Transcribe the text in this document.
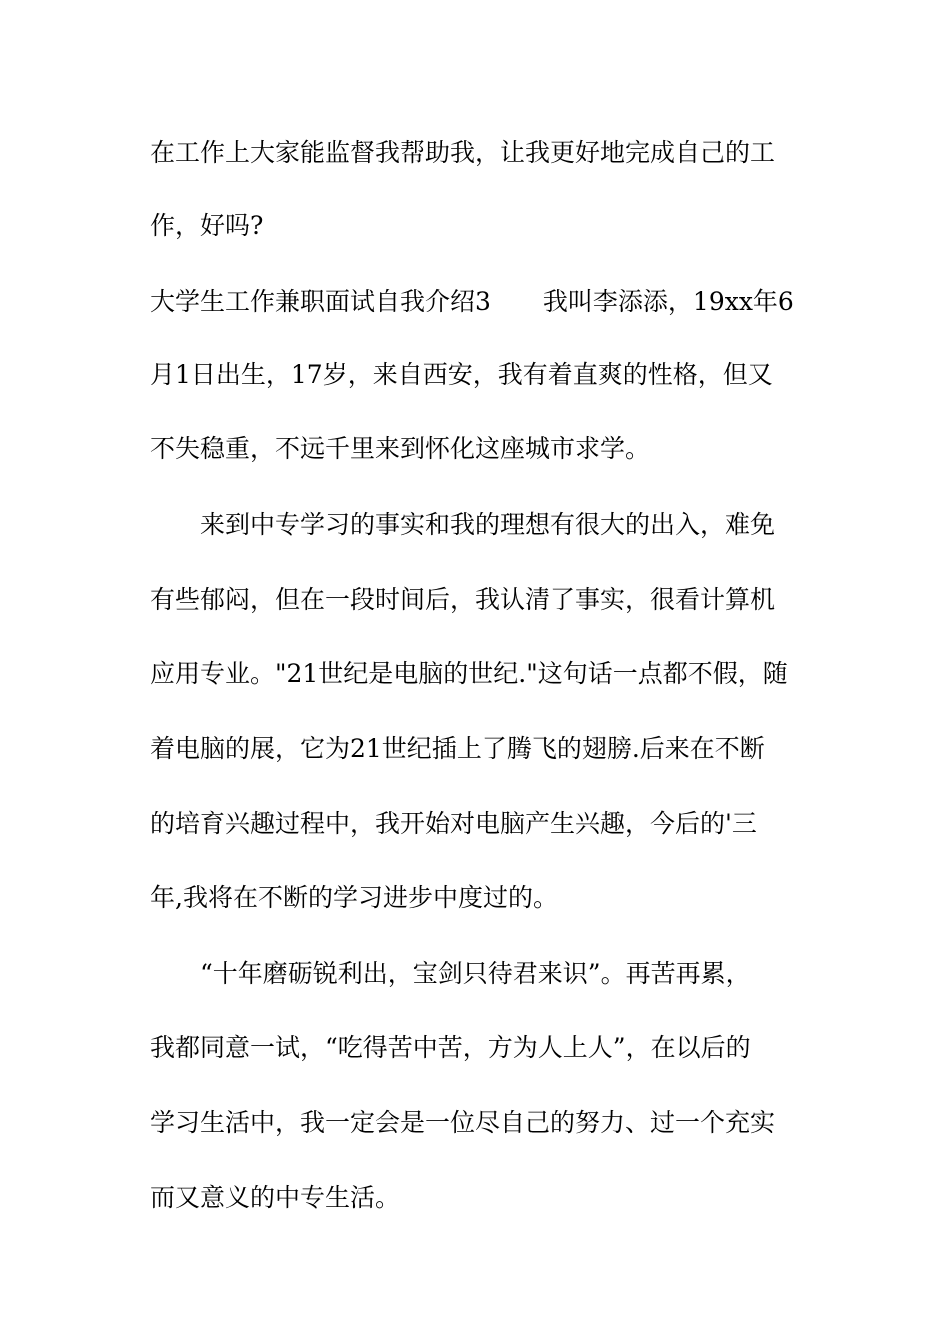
在工作上大家能监督我帮助我，让我更好地完成自己的工
作，好吗?
大学生工作兼职面试自我介绍3 我叫李添添，19xx年6
月1日出生，17岁，来自西安，我有着直爽的性格，但又
不失稳重，不远千里来到怀化这座城市求学。
来到中专学习的事实和我的理想有很大的出入，难免
有些郁闷，但在一段时间后，我认清了事实，很看计算机
应用专业。"21世纪是电脑的世纪."这句话一点都不假，随
着电脑的展，它为21世纪插上了腾飞的翅膀.后来在不断
的培育兴趣过程中，我开始对电脑产生兴趣，今后的'三
年,我将在不断的学习进步中度过的。
“十年磨砺锐利出，宝剑只待君来识”。再苦再累，
我都同意一试，“吃得苦中苦，方为人上人”，在以后的
学习生活中，我一定会是一位尽自己的努力、过一个充实
而又意义的中专生活。
